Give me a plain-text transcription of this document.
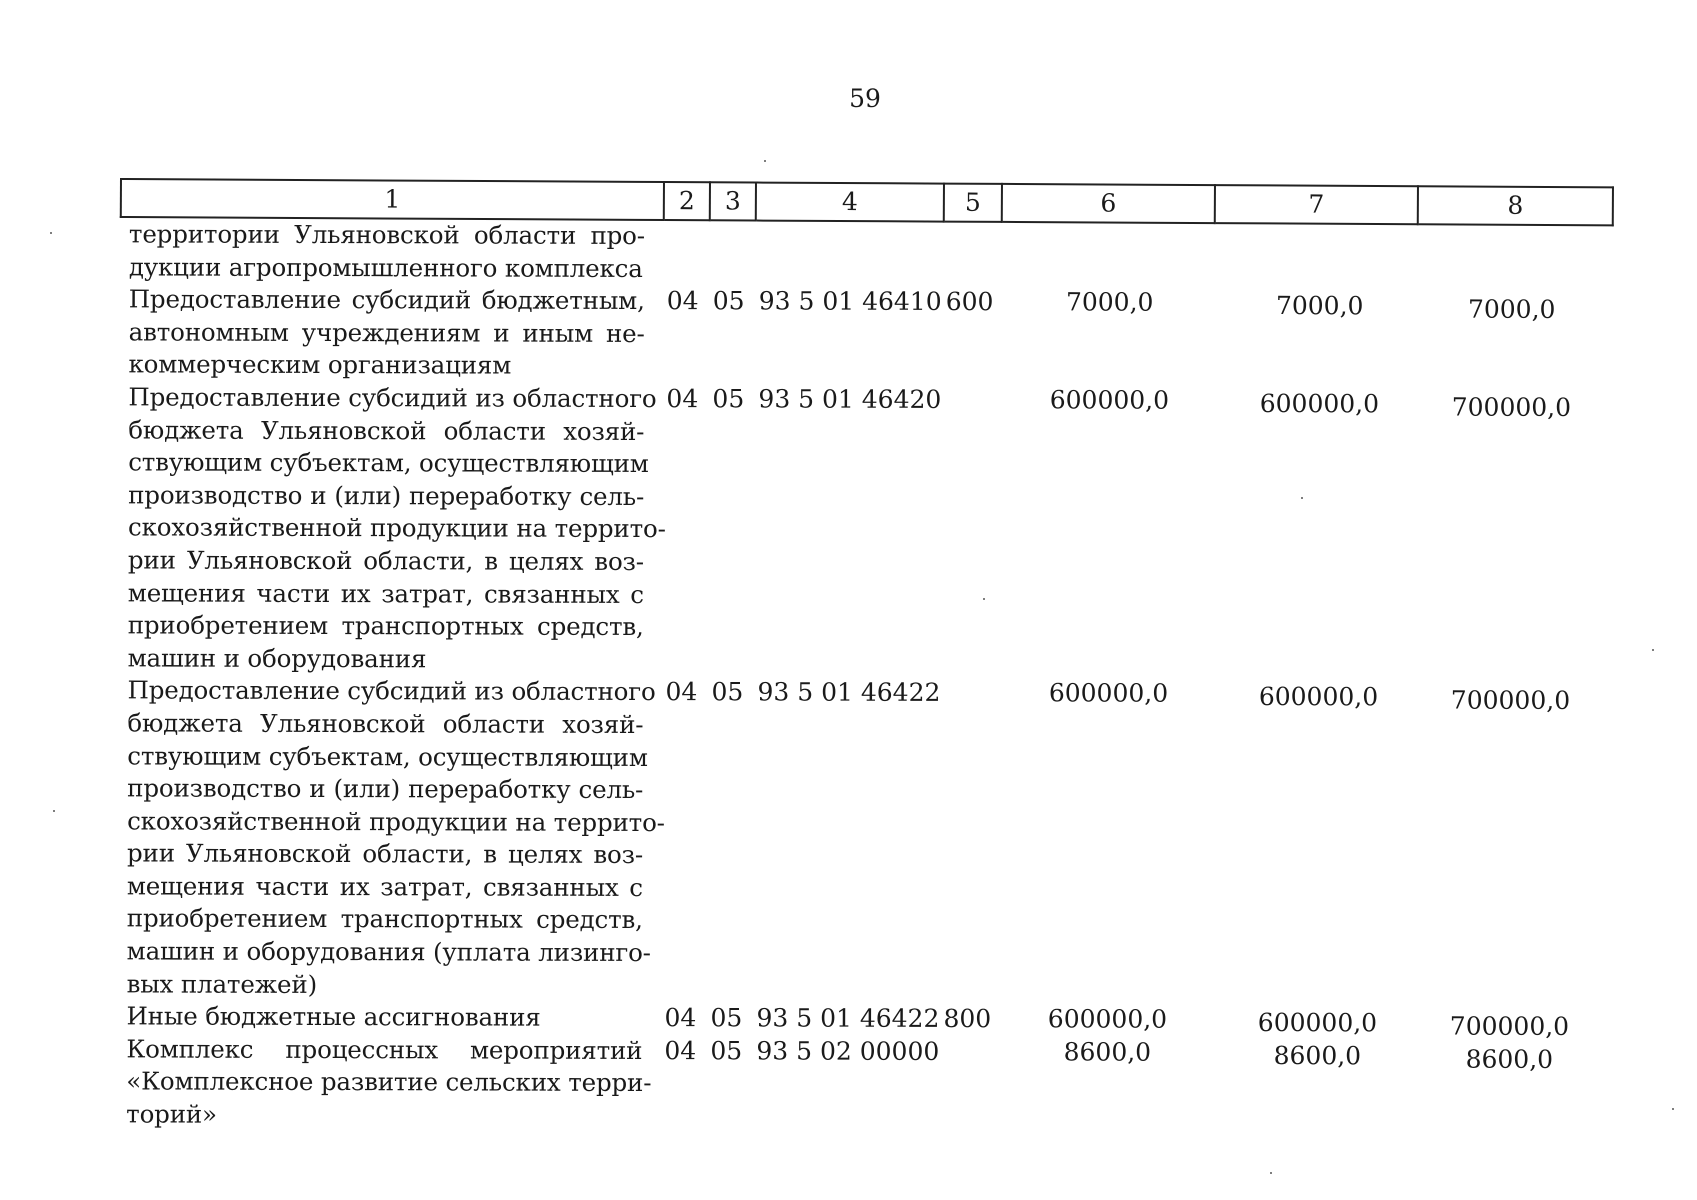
59
1	2	3	4	5	6	7	8
территории Ульяновской области про-
дукции агропромышленного комплекса
Предоставление субсидий бюджетным,
автономным учреждениям и иным не-
коммерческим организациям
04 05 93 5 01 46410 600	7000,0	7000,0	7000,0
Предоставление субсидий из областного
бюджета Ульяновской области хозяй-
ствующим субъектам, осуществляющим
производство и (или) переработку сель-
скохозяйственной продукции на террито-
рии Ульяновской области, в целях воз-
мещения части их затрат, связанных с
приобретением транспортных средств,
машин и оборудования
04 05 93 5 01 46420	600000,0	600000,0	700000,0
Предоставление субсидий из областного
бюджета Ульяновской области хозяй-
ствующим субъектам, осуществляющим
производство и (или) переработку сель-
скохозяйственной продукции на террито-
рии Ульяновской области, в целях воз-
мещения части их затрат, связанных с
приобретением транспортных средств,
машин и оборудования (уплата лизинго-
вых платежей)
04 05 93 5 01 46422	600000,0	600000,0	700000,0
Иные бюджетные ассигнования	04 05 93 5 01 46422 800	600000,0	600000,0	700000,0
Комплекс процессных мероприятий
«Комплексное развитие сельских терри-
торий»
04 05 93 5 02 00000	8600,0	8600,0	8600,0
